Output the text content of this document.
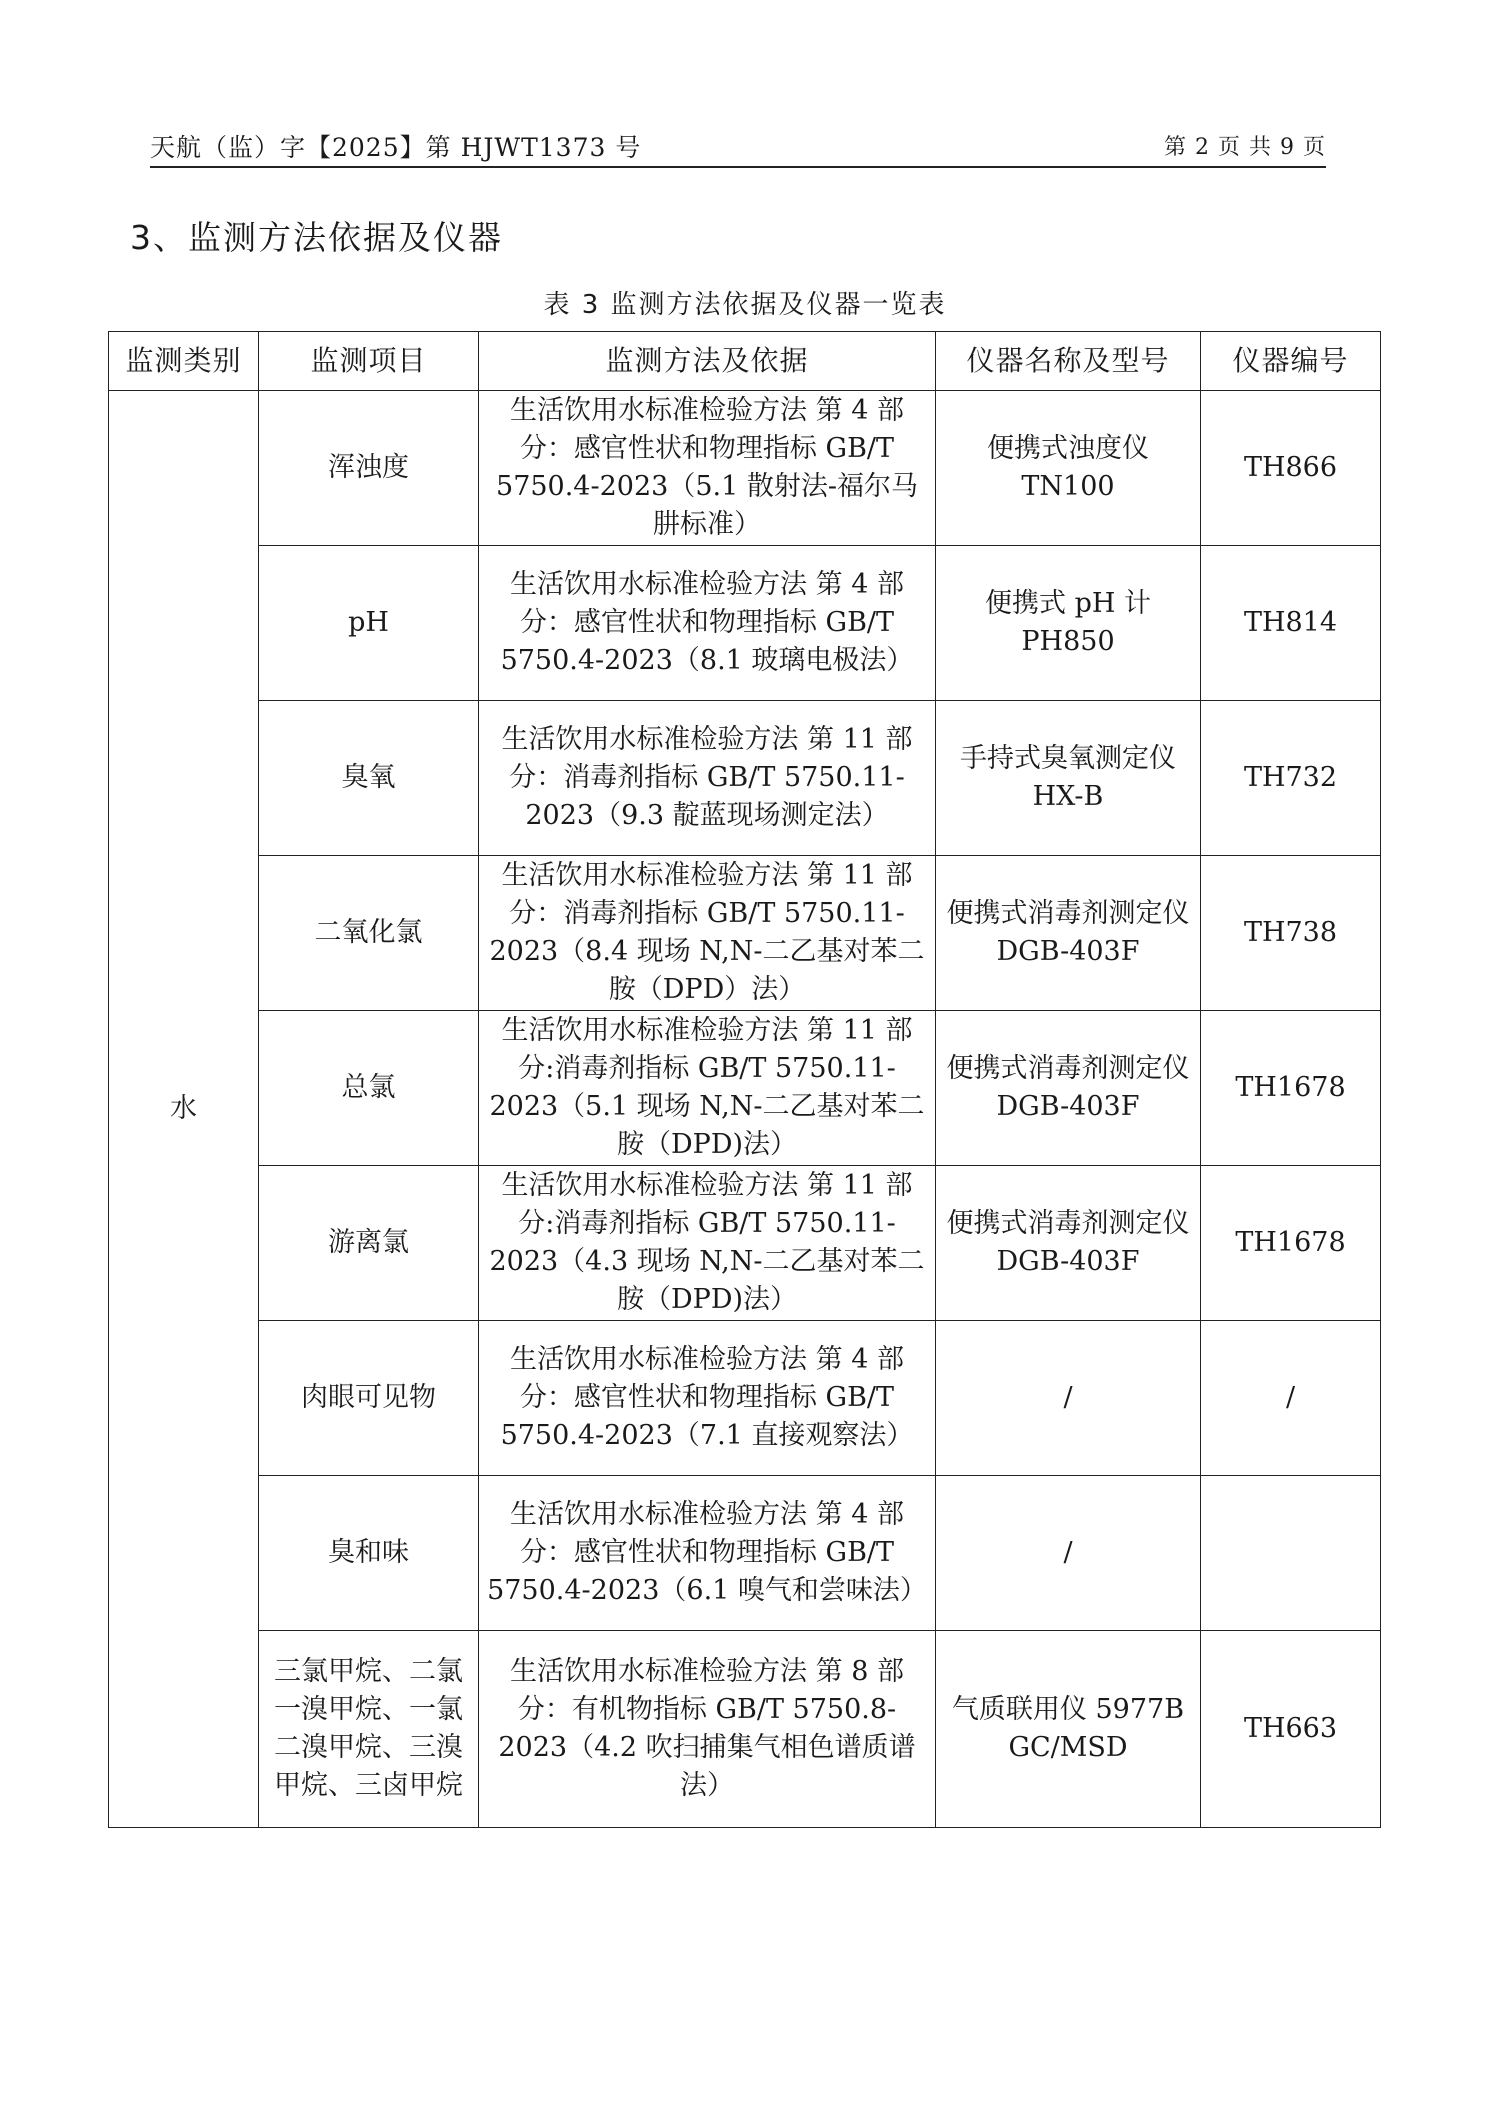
天航（监）字【2025】第 HJWT1373 号	第 2 页 共 9 页
3、监测方法依据及仪器
表 3 监测方法依据及仪器一览表
监测类别	监测项目	监测方法及依据	仪器名称及型号	仪器编号
水	浑浊度	生活饮用水标准检验方法 第 4 部分：感官性状和物理指标 GB/T 5750.4-2023（5.1 散射法-福尔马肼标准）	便携式浊度仪 TN100	TH866
	pH	生活饮用水标准检验方法 第 4 部分：感官性状和物理指标 GB/T 5750.4-2023（8.1 玻璃电极法）	便携式 pH 计 PH850	TH814
	臭氧	生活饮用水标准检验方法 第 11 部分：消毒剂指标 GB/T 5750.11-2023（9.3 靛蓝现场测定法）	手持式臭氧测定仪 HX-B	TH732
	二氧化氯	生活饮用水标准检验方法 第 11 部分：消毒剂指标 GB/T 5750.11-2023（8.4 现场 N,N-二乙基对苯二胺（DPD）法）	便携式消毒剂测定仪 DGB-403F	TH738
	总氯	生活饮用水标准检验方法 第 11 部分:消毒剂指标 GB/T 5750.11-2023（5.1 现场 N,N-二乙基对苯二胺（DPD)法）	便携式消毒剂测定仪 DGB-403F	TH1678
	游离氯	生活饮用水标准检验方法 第 11 部分:消毒剂指标 GB/T 5750.11-2023（4.3 现场 N,N-二乙基对苯二胺（DPD)法）	便携式消毒剂测定仪 DGB-403F	TH1678
	肉眼可见物	生活饮用水标准检验方法 第 4 部分：感官性状和物理指标 GB/T 5750.4-2023（7.1 直接观察法）	/	/
	臭和味	生活饮用水标准检验方法 第 4 部分：感官性状和物理指标 GB/T 5750.4-2023（6.1 嗅气和尝味法）	/	
	三氯甲烷、二氯一溴甲烷、一氯二溴甲烷、三溴甲烷、三卤甲烷	生活饮用水标准检验方法 第 8 部分：有机物指标 GB/T 5750.8-2023（4.2 吹扫捕集气相色谱质谱法）	气质联用仪 5977B GC/MSD	TH663
